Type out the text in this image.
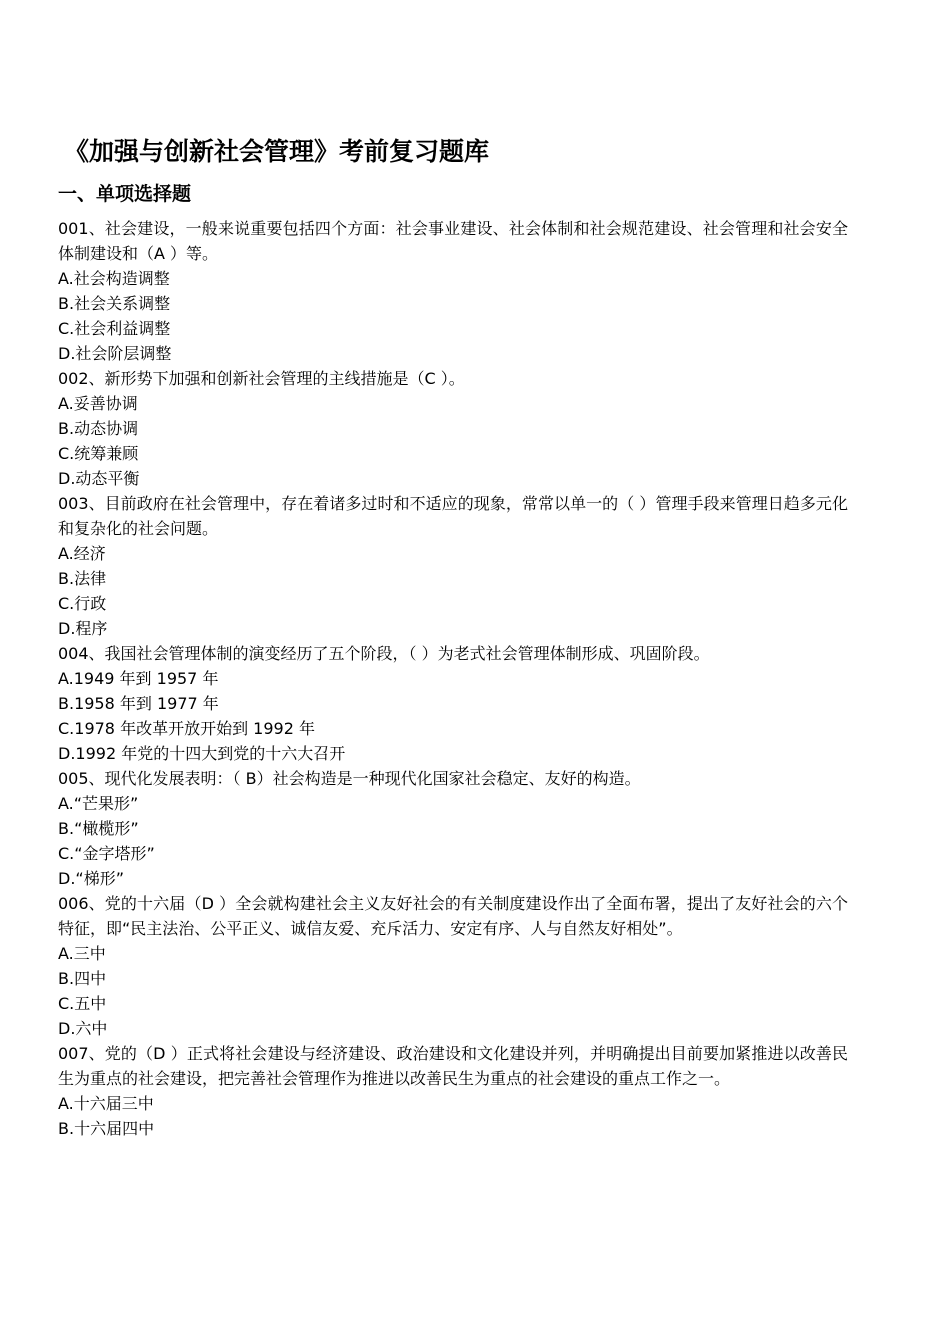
《加强与创新社会管理》考前复习题库
一、单项选择题

001、社会建设，一般来说重要包括四个方面：社会事业建设、社会体制和社会规范建设、社会管理和社会安全体制建设和（A ）等。

A.社会构造调整
B.社会关系调整
C.社会利益调整
D.社会阶层调整

002、新形势下加强和创新社会管理的主线措施是（C ）。

A.妥善协调
B.动态协调
C.统筹兼顾
D.动态平衡

003、目前政府在社会管理中，存在着诸多过时和不适应的现象，常常以单一的（ ）管理手段来管理日趋多元化和复杂化的社会问题。

A.经济
B.法律
C.行政
D.程序

004、我国社会管理体制的演变经历了五个阶段，（ ）为老式社会管理体制形成、巩固阶段。

A.1949 年到 1957 年
B.1958 年到 1977 年
C.1978 年改革开放开始到 1992 年
D.1992 年党的十四大到党的十六大召开

005、现代化发展表明：（ B）社会构造是一种现代化国家社会稳定、友好的构造。

A.“芒果形”
B.“橄榄形”
C.“金字塔形”
D.“梯形”

006、党的十六届（D ）全会就构建社会主义友好社会的有关制度建设作出了全面布署，提出了友好社会的六个特征，即“民主法治、公平正义、诚信友爱、充斥活力、安定有序、人与自然友好相处”。

A.三中
B.四中
C.五中
D.六中

007、党的（D ）正式将社会建设与经济建设、政治建设和文化建设并列，并明确提出目前要加紧推进以改善民生为重点的社会建设，把完善社会管理作为推进以改善民生为重点的社会建设的重点工作之一。

A.十六届三中
B.十六届四中
